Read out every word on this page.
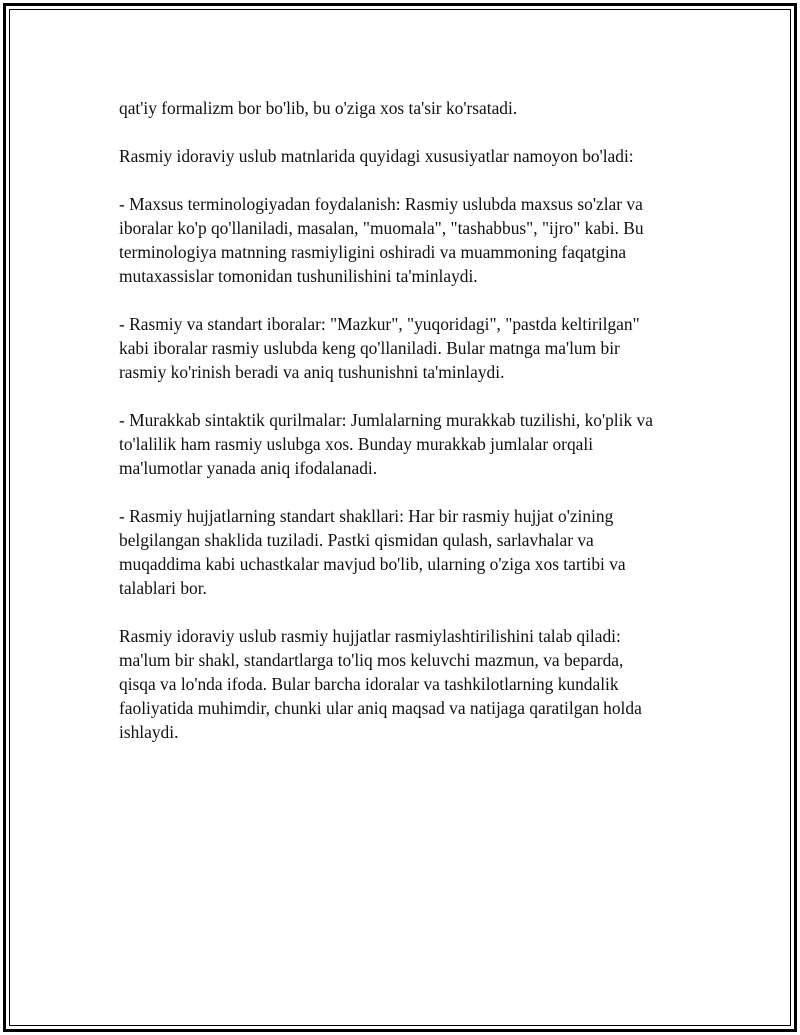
qat'iy formalizm bor bo'lib, bu o'ziga xos ta'sir ko'rsatadi.

Rasmiy idoraviy uslub matnlarida quyidagi xususiyatlar namoyon bo'ladi:

- Maxsus terminologiyadan foydalanish: Rasmiy uslubda maxsus so'zlar va
iboralar ko'p qo'llaniladi, masalan, "muomala", "tashabbus", "ijro" kabi. Bu
terminologiya matnning rasmiyligini oshiradi va muammoning faqatgina
mutaxassislar tomonidan tushunilishini ta'minlaydi.

- Rasmiy va standart iboralar: "Mazkur", "yuqoridagi", "pastda keltirilgan"
kabi iboralar rasmiy uslubda keng qo'llaniladi. Bular matnga ma'lum bir
rasmiy ko'rinish beradi va aniq tushunishni ta'minlaydi.

- Murakkab sintaktik qurilmalar: Jumlalarning murakkab tuzilishi, ko'plik va
to'lalilik ham rasmiy uslubga xos. Bunday murakkab jumlalar orqali
ma'lumotlar yanada aniq ifodalanadi.

- Rasmiy hujjatlarning standart shakllari: Har bir rasmiy hujjat o'zining
belgilangan shaklida tuziladi. Pastki qismidan qulash, sarlavhalar va
muqaddima kabi uchastkalar mavjud bo'lib, ularning o'ziga xos tartibi va
talablari bor.

Rasmiy idoraviy uslub rasmiy hujjatlar rasmiylashtirilishini talab qiladi:
ma'lum bir shakl, standartlarga to'liq mos keluvchi mazmun, va beparda,
qisqa va lo'nda ifoda. Bular barcha idoralar va tashkilotlarning kundalik
faoliyatida muhimdir, chunki ular aniq maqsad va natijaga qaratilgan holda
ishlaydi.
